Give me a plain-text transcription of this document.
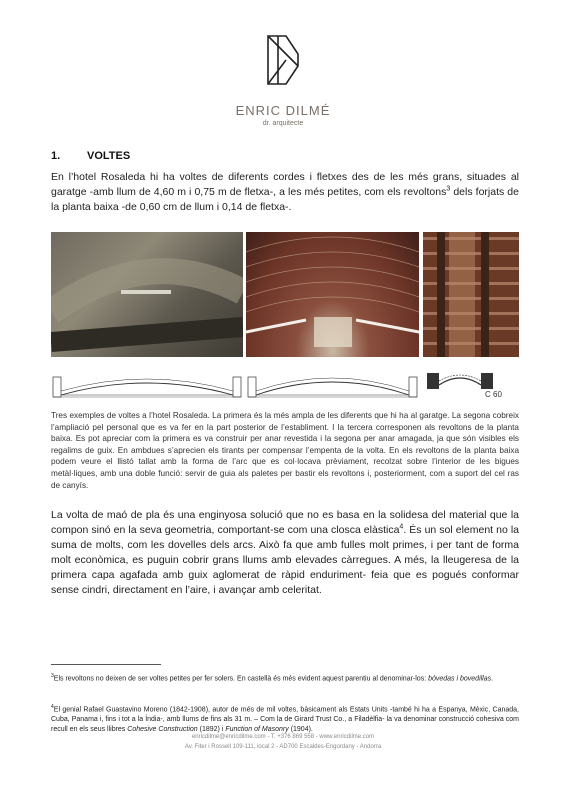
ENRIC DILMÉ
dr. arquitecte
1. VOLTES

En l’hotel Rosaleda hi ha voltes de diferents cordes i fletxes des de les més grans, situades al garatge -amb llum de 4,60 m i 0,75 m de fletxa-, a les més petites, com els revoltons$^3$ dels forjats de la planta baixa -de 0,60 cm de llum i 0,14 de fletxa-.

C 60

Tres exemples de voltes a l’hotel Rosaleda. La primera és la més ampla de les diferents que hi ha al garatge. La segona cobreix l’ampliació pel personal que es va fer en la part posterior de l’establiment. I la tercera corresponen als revoltons de la planta baixa. Es pot apreciar com la primera es va construir per anar revestida i la segona per anar amagada, ja que són visibles els regalims de guix. En ambdues s’aprecien els tirants per compensar l’empenta de la volta. En els revoltons de la planta baixa podem veure el llistó tallat amb la forma de l’arc que es col·locava prèviament, recolzat sobre l’interior de les bigues metàl·liques, amb una doble funció: servir de guia als paletes per bastir els revoltons i, posteriorment, com a suport del cel ras de canyís.

La volta de maó de pla és una enginyosa solució que no es basa en la solidesa del material que la compon sinó en la seva geometria, comportant-se com una closca elàstica$^4$. És un sol element no la suma de molts, com les dovelles dels arcs. Això fa que amb fulles molt primes, i per tant de forma molt econòmica, es puguin cobrir grans llums amb elevades càrregues. A més, la lleugeresa de la primera capa agafada amb guix aglomerat de ràpid enduriment- feia que es pogués conformar sense cindri, directament en l’aire, i avançar amb celeritat.

$^3$Els revoltons no deixen de ser voltes petites per fer solers. En castellà és més evident aquest parentiu al denominar-los: bóvedas i bovedillas.

$^4$El genial Rafael Guastavino Moreno (1842-1908), autor de més de mil voltes, bàsicament als Estats Units -també hi ha a Espanya, Mèxic, Canada, Cuba, Panama i, fins i tot a la Índia-, amb llums de fins als 31 m. – Com la de Girard Trust Co., a Filadèlfia- la va denominar construcció cohesiva com recull en els seus llibres Cohesive Construction (1892) i Function of Masonry (1904).

enricdilme@enricdilme.com - T. +376 869 558 - www.enricdilme.com
Av. Fiter i Rossell 109-111, local 2 - AD700 Escaldes-Engordany - Andorra
